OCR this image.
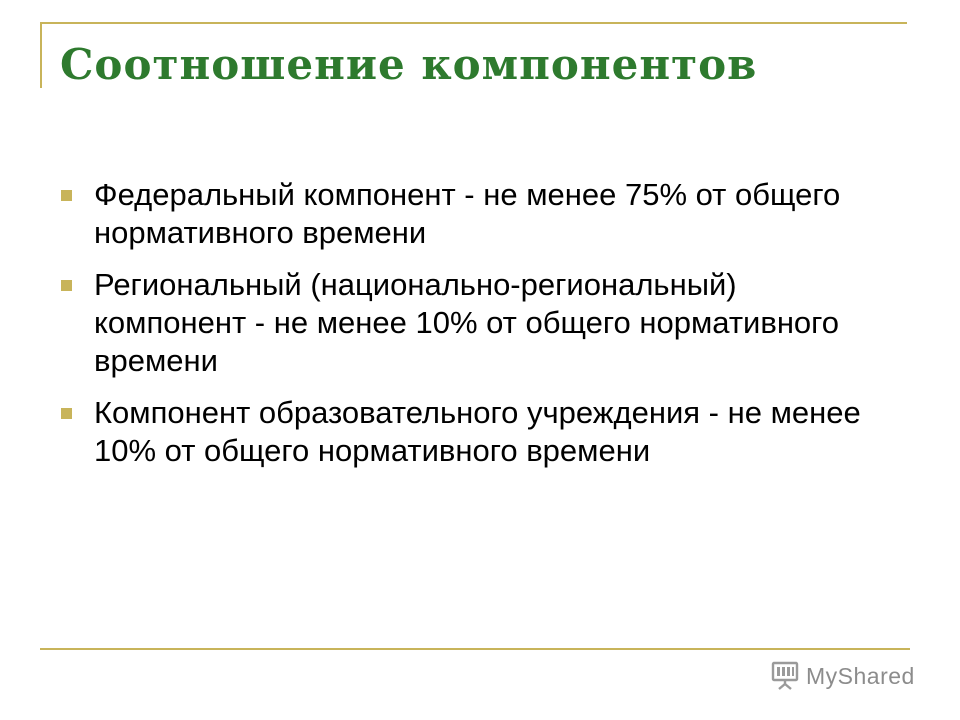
Соотношение компонентов
Федеральный компонент - не менее 75% от общего нормативного времени
Региональный (национально-региональный) компонент - не менее 10% от общего нормативного времени
Компонент образовательного учреждения - не менее 10% от общего нормативного времени
MyShared
